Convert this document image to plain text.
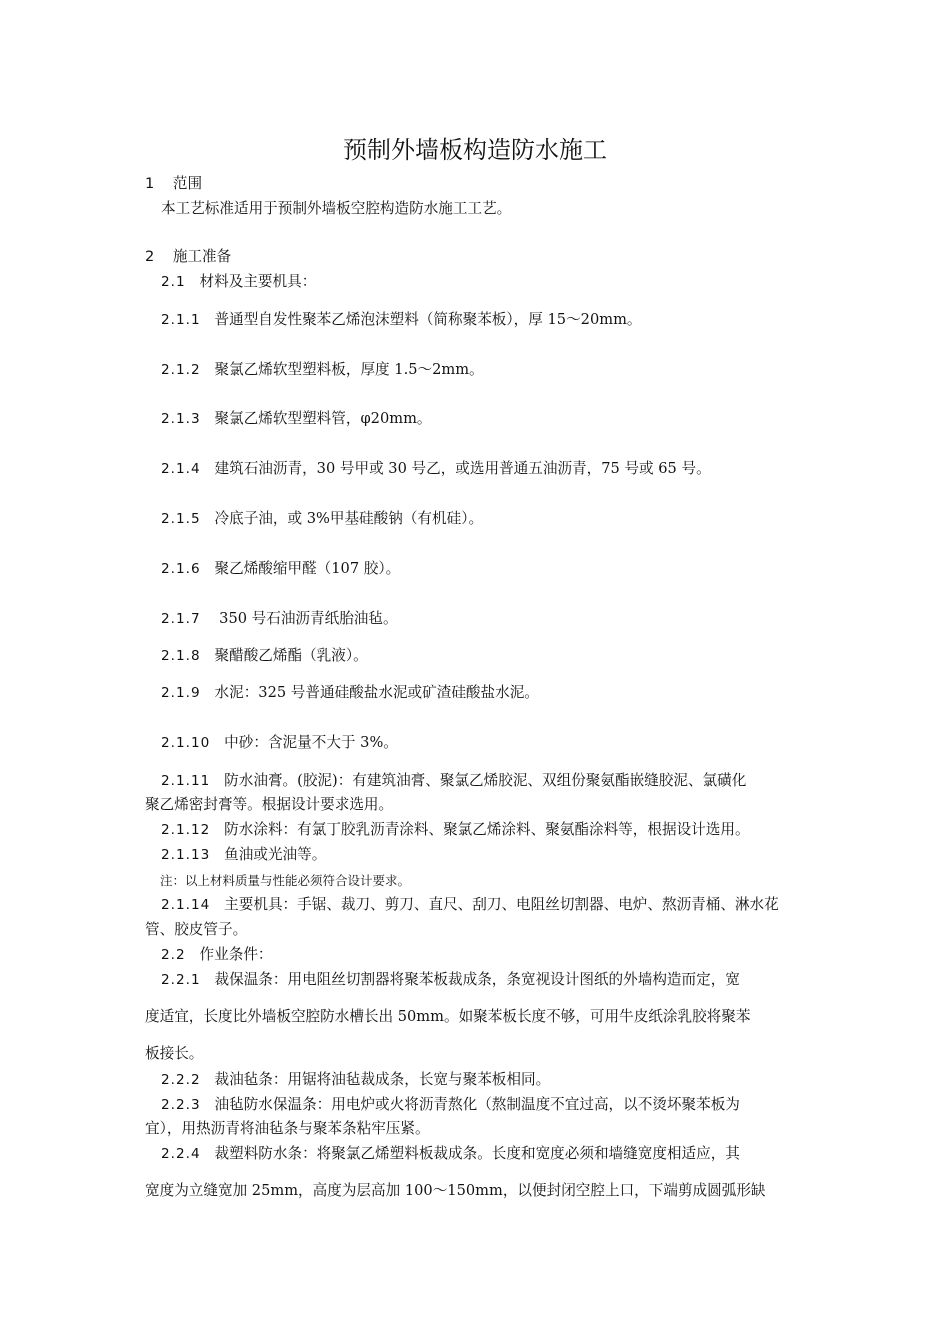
预制外墙板构造防水施工
1 范围
本工艺标准适用于预制外墙板空腔构造防水施工工艺。
2 施工准备
2.1 材料及主要机具：
2.1.1 普通型自发性聚苯乙烯泡沫塑料（简称聚苯板），厚 15～20mm。
2.1.2 聚氯乙烯软型塑料板，厚度 1.5～2mm。
2.1.3 聚氯乙烯软型塑料管，φ20mm。
2.1.4 建筑石油沥青，30 号甲或 30 号乙，或选用普通五油沥青，75 号或 65 号。
2.1.5 冷底子油，或 3%甲基硅酸钠（有机硅）。
2.1.6 聚乙烯酸缩甲醛（107 胶）。
2.1.7    350 号石油沥青纸胎油毡。
2.1.8 聚醋酸乙烯酯（乳液）。
2.1.9 水泥：325 号普通硅酸盐水泥或矿渣硅酸盐水泥。
2.1.10 中砂：含泥量不大于 3%。
2.1.11 防水油膏。(胶泥)：有建筑油膏、聚氯乙烯胶泥、双组份聚氨酯嵌缝胶泥、氯磺化
聚乙烯密封膏等。根据设计要求选用。
2.1.12 防水涂料：有氯丁胶乳沥青涂料、聚氯乙烯涂料、聚氨酯涂料等，根据设计选用。
2.1.13 鱼油或光油等。
注：以上材料质量与性能必须符合设计要求。
2.1.14 主要机具：手锯、裁刀、剪刀、直尺、刮刀、电阻丝切割器、电炉、熬沥青桶、淋水花
管、胶皮管子。
2.2 作业条件：
2.2.1 裁保温条：用电阻丝切割器将聚苯板裁成条，条宽视设计图纸的外墙构造而定，宽
度适宜，长度比外墙板空腔防水槽长出 50mm。如聚苯板长度不够，可用牛皮纸涂乳胶将聚苯
板接长。
2.2.2 裁油毡条：用锯将油毡裁成条，长宽与聚苯板相同。
2.2.3 油毡防水保温条：用电炉或火将沥青熬化（熬制温度不宜过高，以不烫坏聚苯板为
宜），用热沥青将油毡条与聚苯条粘牢压紧。
2.2.4 裁塑料防水条：将聚氯乙烯塑料板裁成条。长度和宽度必须和墙缝宽度相适应，其
宽度为立缝宽加 25mm，高度为层高加 100～150mm，以便封闭空腔上口，下端剪成圆弧形缺
